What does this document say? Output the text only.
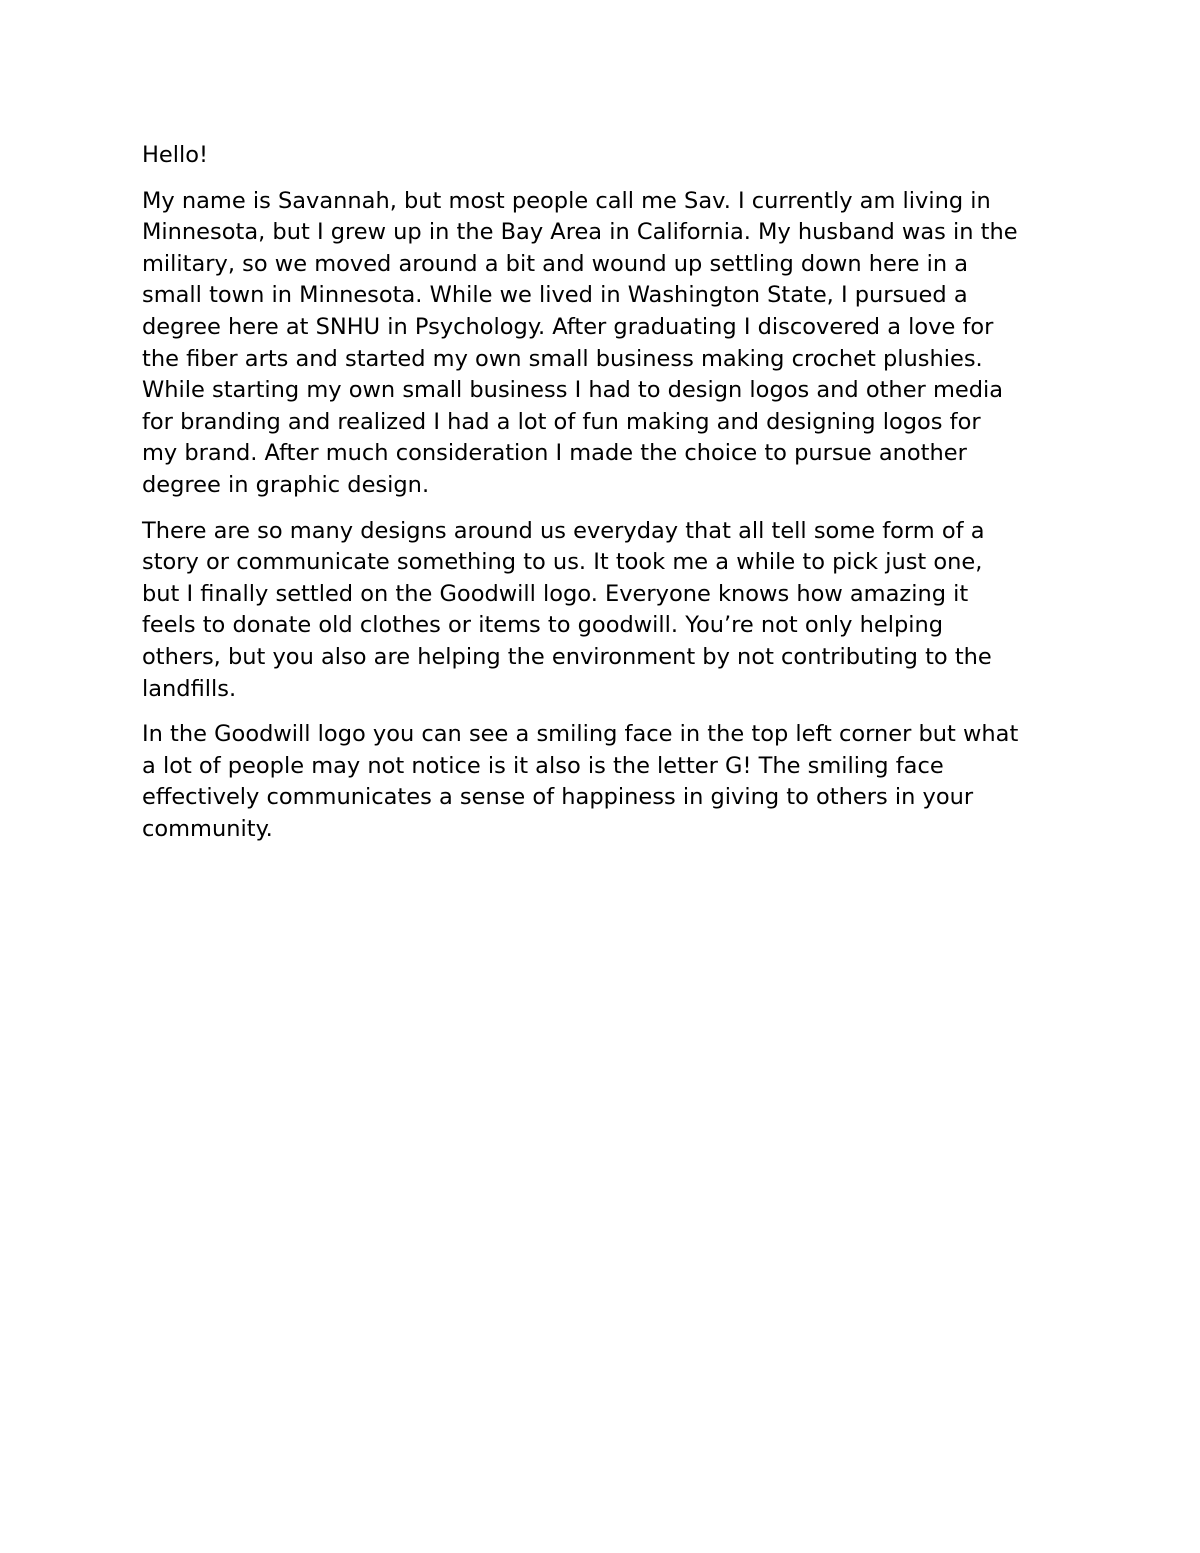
Hello!

My name is Savannah, but most people call me Sav. I currently am living in
Minnesota, but I grew up in the Bay Area in California. My husband was in the
military, so we moved around a bit and wound up settling down here in a
small town in Minnesota. While we lived in Washington State, I pursued a
degree here at SNHU in Psychology. After graduating I discovered a love for
the fiber arts and started my own small business making crochet plushies.
While starting my own small business I had to design logos and other media
for branding and realized I had a lot of fun making and designing logos for
my brand. After much consideration I made the choice to pursue another
degree in graphic design.

There are so many designs around us everyday that all tell some form of a
story or communicate something to us. It took me a while to pick just one,
but I finally settled on the Goodwill logo. Everyone knows how amazing it
feels to donate old clothes or items to goodwill. You’re not only helping
others, but you also are helping the environment by not contributing to the
landfills.

In the Goodwill logo you can see a smiling face in the top left corner but what
a lot of people may not notice is it also is the letter G! The smiling face
effectively communicates a sense of happiness in giving to others in your
community.
